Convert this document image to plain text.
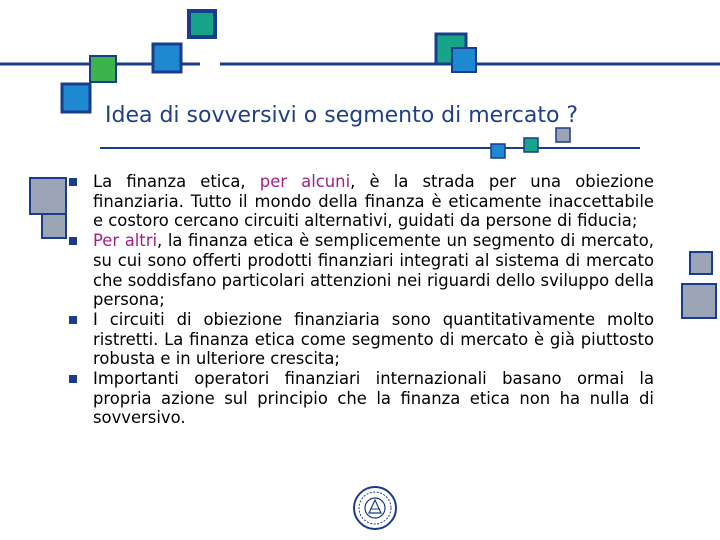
Idea di sovversivi o segmento di mercato ?
La finanza etica, per alcuni, è la strada per una obiezione finanziaria. Tutto il mondo della finanza è eticamente inaccettabile e costoro cercano circuiti alternativi, guidati da persone di fiducia;
Per altri, la finanza etica è semplicemente un segmento di mercato, su cui sono offerti prodotti finanziari integrati al sistema di mercato che soddisfano particolari attenzioni nei riguardi dello sviluppo della persona;
I circuiti di obiezione finanziaria sono quantitativamente molto ristretti. La finanza etica come segmento di mercato è già piuttosto robusta e in ulteriore crescita;
Importanti operatori finanziari internazionali basano ormai la propria azione sul principio che la finanza etica non ha nulla di sovversivo.
